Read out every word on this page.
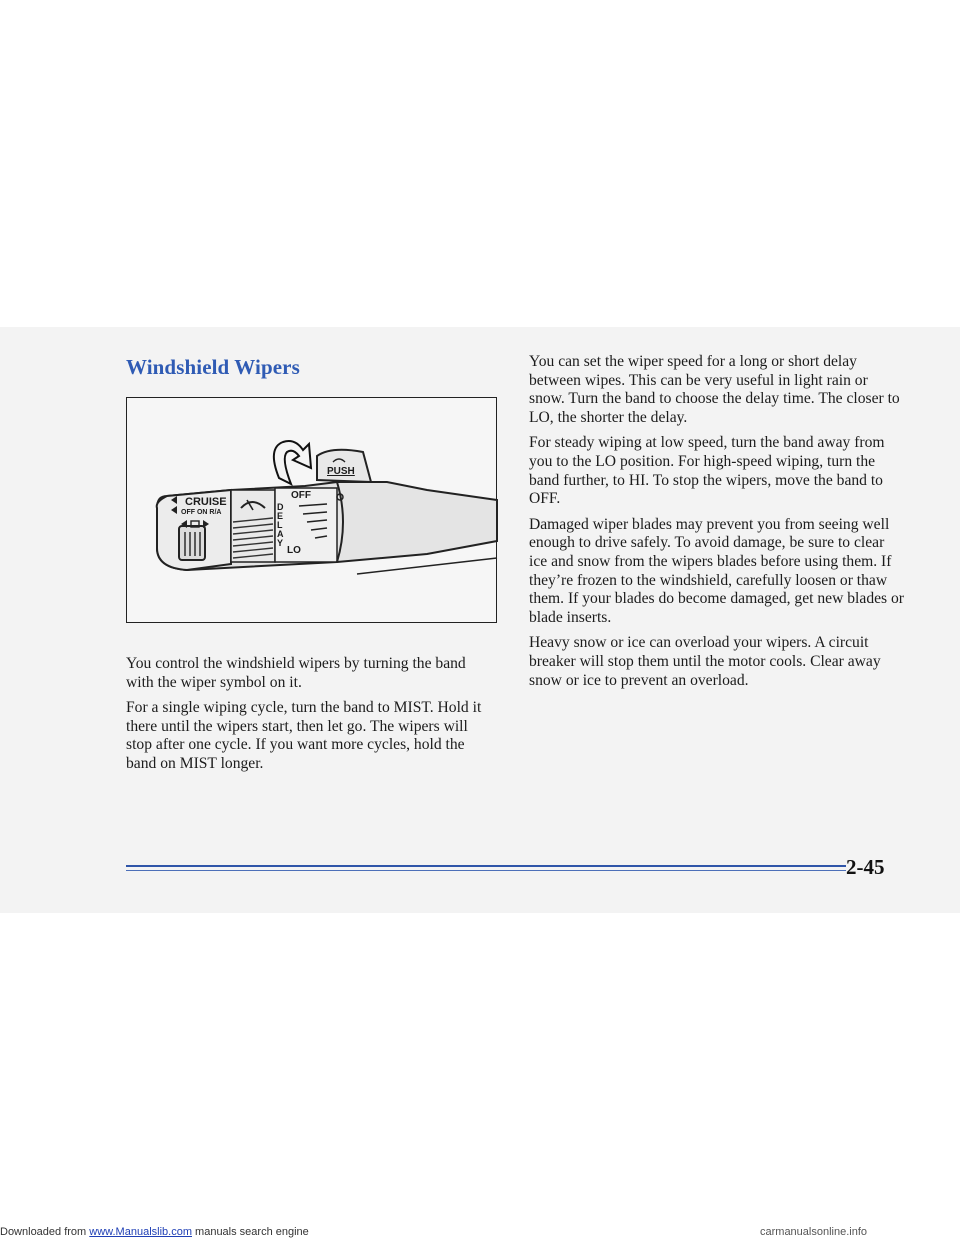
Windshield Wipers
CRUISE
OFF ON R/A
OFF
D
E
L
A
Y
LO
PUSH

You control the windshield wipers by turning the band with the wiper symbol on it.

For a single wiping cycle, turn the band to MIST. Hold it there until the wipers start, then let go. The wipers will stop after one cycle. If you want more cycles, hold the band on MIST longer.

You can set the wiper speed for a long or short delay between wipes. This can be very useful in light rain or snow. Turn the band to choose the delay time. The closer to LO, the shorter the delay.

For steady wiping at low speed, turn the band away from you to the LO position. For high-speed wiping, turn the band further, to HI. To stop the wipers, move the band to OFF.

Damaged wiper blades may prevent you from seeing well enough to drive safely. To avoid damage, be sure to clear ice and snow from the wipers blades before using them. If they’re frozen to the windshield, carefully loosen or thaw them. If your blades do become damaged, get new blades or blade inserts.

Heavy snow or ice can overload your wipers. A circuit breaker will stop them until the motor cools. Clear away snow or ice to prevent an overload.

2-45
Downloaded from www.Manualslib.com manuals search engine	carmanualsonline.info
